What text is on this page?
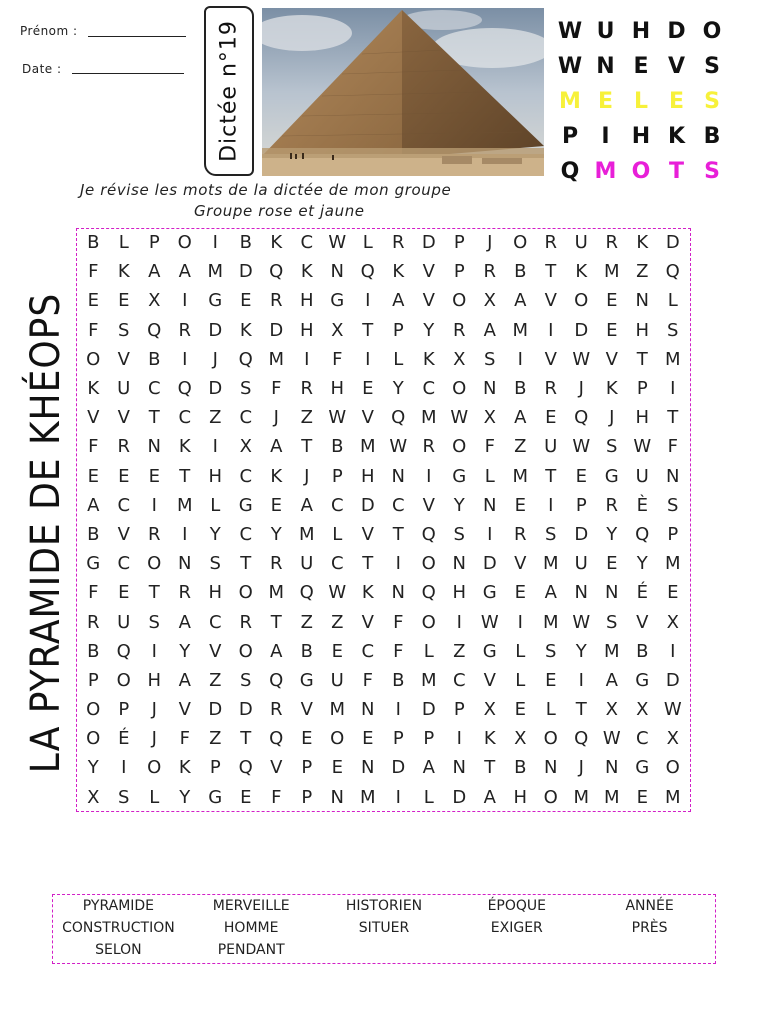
Prénom :
Date :	Dictée n°19	W U H D O
W N E V S
M E L E S
P	I	H K B
Q M O T S
Je révise les mots de la dictée de mon groupe
Groupe rose et jaune
LA PYRAMIDE DE KHÉOPS
B	L	P O	I	B	K	C W L	R D	P	J	O R U R	K D
F	K	A	A M D Q K N Q K	V	P	R	B	T	K M Z Q
E	E	X	I	G E	R H G	I	A	V O X	A	V O E	N	L
F	S Q R D K D H X	T	P	Y	R	A M	I	D E	H	S
O V	B	I	J	Q M	I	F	I	L	K	X	S	I	V W V	T M
K	U C Q D S	F	R H	E	Y	C O N B	R	J	K	P	I
V	V	T	C	Z	C	J	Z W V Q M W X	A	E Q	J	H	T
F	R N K	I	X	A	T	B M W R O	F	Z U W S W F
E	E	E	T	H C	K	J	P	H N	I	G	L M T	E G U N
A	C	I	M L	G E	A	C D C	V	Y	N	E	I	P	R	È	S
B	V	R	I	Y	C	Y M L	V	T Q S	I	R	S D	Y Q P
G C O N	S	T	R U C	T	I	O N D V M U	E	Y M
F	E	T	R H O M Q W K N Q H G E	A N N	É	E
R U	S	A	C R	T	Z	Z	V	F	O	I	W	I	M W S	V	X
B Q	I	Y	V O A	B	E	C	F	L	Z G	L	S	Y M B	I
P O H A	Z	S Q G U	F	B M C	V	L	E	I	A G D
O P	J	V D D R	V M N	I	D	P	X	E	L	T	X	X W
O É	J	F	Z	T Q E O E	P	P	I	K	X O Q W C	X
Y	I	O K	P Q V	P	E	N D A N	T	B N	J	N G O
X	S	L	Y	G E	F	P	N M	I	L	D A H O M M E M
PYRAMIDE	MERVEILLE	HISTORIEN	ÉPOQUE	ANNÉE
CONSTRUCTION	HOMME	SITUER	EXIGER	PRÈS
SELON	PENDANT
